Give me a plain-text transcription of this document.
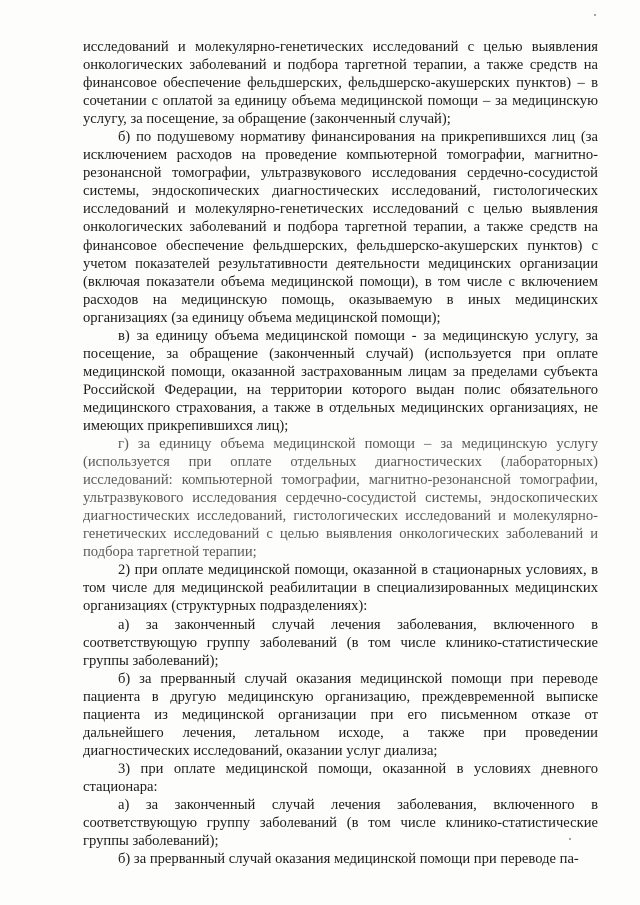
исследований и молекулярно-генетических исследований с целью выявления онкологических заболеваний и подбора таргетной терапии, а также средств на финансовое обеспечение фельдшерских, фельдшерско-акушерских пунктов) – в сочетании с оплатой за единицу объема медицинской помощи – за медицинскую услугу, за посещение, за обращение (законченный случай);

б) по подушевому нормативу финансирования на прикрепившихся лиц (за исключением расходов на проведение компьютерной томографии, магнитно-резонансной томографии, ультразвукового исследования сердечно-сосудистой системы, эндоскопических диагностических исследований, гистологических исследований и молекулярно-генетических исследований с целью выявления онкологических заболеваний и подбора таргетной терапии, а также средств на финансовое обеспечение фельдшерских, фельдшерско-акушерских пунктов) с учетом показателей результативности деятельности медицинских организации (включая показатели объема медицинской помощи), в том числе с включением расходов на медицинскую помощь, оказываемую в иных медицинских организациях (за единицу объема медицинской помощи);

в) за единицу объема медицинской помощи - за медицинскую услугу, за посещение, за обращение (законченный случай) (используется при оплате медицинской помощи, оказанной застрахованным лицам за пределами субъекта Российской Федерации, на территории которого выдан полис обязательного медицинского страхования, а также в отдельных медицинских организациях, не имеющих прикрепившихся лиц);

г) за единицу объема медицинской помощи – за медицинскую услугу (используется при оплате отдельных диагностических (лабораторных) исследований: компьютерной томографии, магнитно-резонансной томографии, ультразвукового исследования сердечно-сосудистой системы, эндоскопических диагностических исследований, гистологических исследований и молекулярно-генетических исследований с целью выявления онкологических заболеваний и подбора таргетной терапии;

2) при оплате медицинской помощи, оказанной в стационарных условиях, в том числе для медицинской реабилитации в специализированных медицинских организациях (структурных подразделениях):

а) за законченный случай лечения заболевания, включенного в соответствующую группу заболеваний (в том числе клинико-статистические группы заболеваний);

б) за прерванный случай оказания медицинской помощи при переводе пациента в другую медицинскую организацию, преждевременной выписке пациента из медицинской организации при его письменном отказе от дальнейшего лечения, летальном исходе, а также при проведении диагностических исследований, оказании услуг диализа;

3) при оплате медицинской помощи, оказанной в условиях дневного стационара:

а) за законченный случай лечения заболевания, включенного в соответствующую группу заболеваний (в том числе клинико-статистические группы заболеваний);

б) за прерванный случай оказания медицинской помощи при переводе па-
